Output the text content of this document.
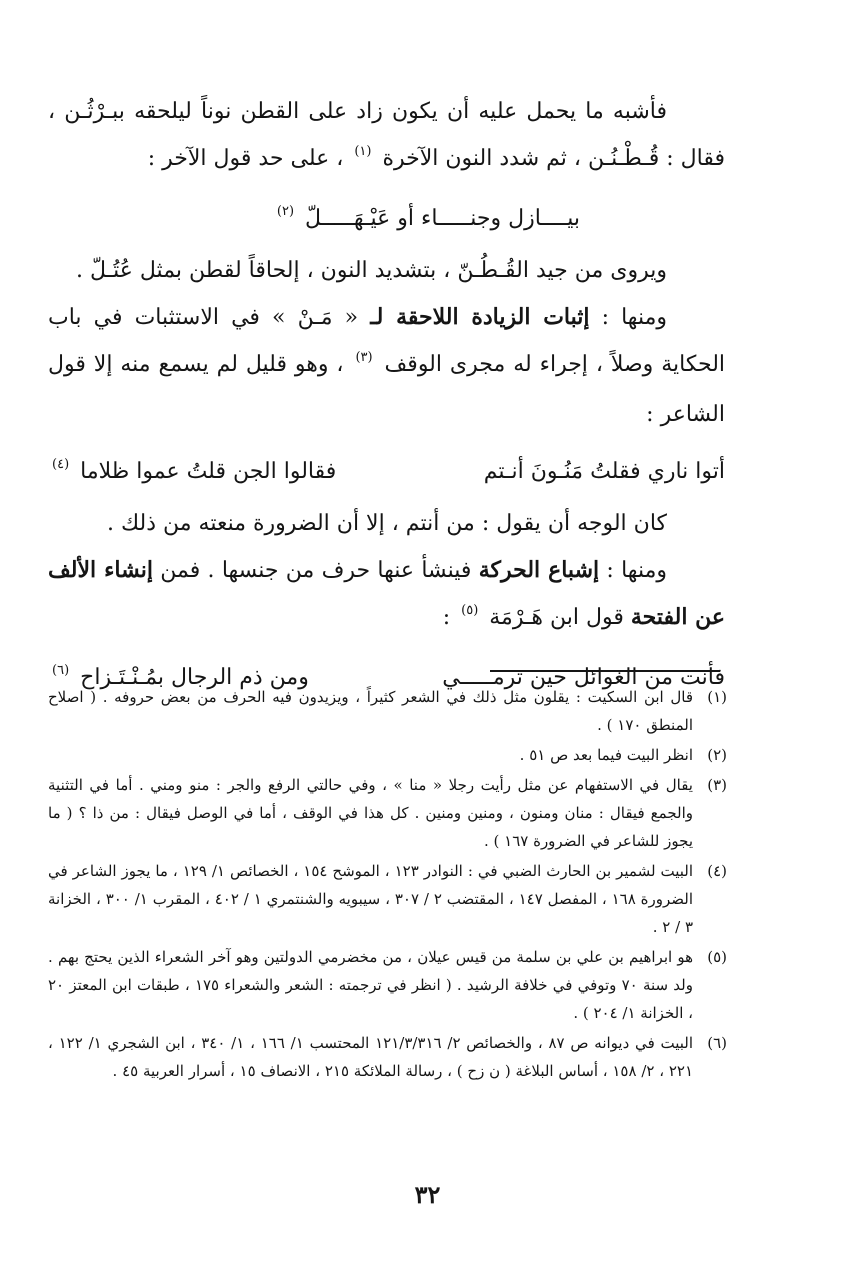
فأشبه ما يحمل عليه أن يكون زاد على القطن نوناً ليلحقه ببـرْثُـن ، فقال : قُـطْـنُـن ، ثم شدد النون الآخرة $^{(١)}$ ، على حد قول الآخر :

بيــــازل وجنـــــاء أو عَيْـهَـــــلّ $^{(٢)}$

ويروى من جيد القُـطُـنّ ، بتشديد النون ، إلحاقاً لقطن بمثل عُتُـلّ .

ومنها : إثبات الزيادة اللاحقة لـ « مَـنْ » في الاستثبات في باب الحكاية وصلاً ، إجراء له مجرى الوقف $^{(٣)}$ ، وهو قليل لم يسمع منه إلا قول الشاعر :

أتوا ناري فقلتُ مَنُـونَ أنـتم
فقالوا الجن قلتُ عموا ظلاما $^{(٤)}$

كان الوجه أن يقول : من أنتم ، إلا أن الضرورة منعته من ذلك .

ومنها : إشباع الحركة فينشأ عنها حرف من جنسها . فمن إنشاء الألف عن الفتحة قول ابن هَـرْمَة $^{(٥)}$ :

فأنت من الغوائل حين ترمـــــي
ومن ذم الرجال بمُـنْـتَـزاح $^{(٦)}$

(١)
قال ابن السكيت : يقلون مثل ذلك في الشعر كثيراً ، ويزيدون فيه الحرف من بعض حروفه . ( اصلاح المنطق ١٧٠ ) .

(٢)
انظر البيت فيما بعد ص ٥١ .

(٣)
يقال في الاستفهام عن مثل رأيت رجلا « منا » ، وفي حالتي الرفع والجر : منو ومني . أما في التثنية والجمع فيقال : منان ومنون ، ومنين ومنين . كل هذا في الوقف ، أما في الوصل فيقال : من ذا ؟ ( ما يجوز للشاعر في الضرورة ١٦٧ ) .

(٤)
البيت لشمير بن الحارث الضبي في : النوادر ١٢٣ ، الموشح ١٥٤ ، الخصائص ١/ ١٢٩ ، ما يجوز الشاعر في الضرورة ١٦٨ ، المفصل ١٤٧ ، المقتضب ٢ / ٣٠٧ ، سيبويه والشنتمري ١ / ٤٠٢ ، المقرب ١/ ٣٠٠ ، الخزانة ٣ / ٢ .

(٥)
هو ابراهيم بن علي بن سلمة من قيس عيلان ، من مخضرمي الدولتين وهو آخر الشعراء الذين يحتج بهم . ولد سنة ٧٠ وتوفي في خلافة الرشيد . ( انظر في ترجمته : الشعر والشعراء ١٧٥ ، طبقات ابن المعتز ٢٠ ، الخزانة ١/ ٢٠٤ ) .

(٦)
البيت في ديوانه ص ٨٧ ، والخصائص ٢/ ١٢١/٣/٣١٦ المحتسب ١/ ١٦٦ ، ١/ ٣٤٠ ، ابن الشجري ١/ ١٢٢ ، ٢٢١ ، ٢/ ١٥٨ ، أساس البلاغة ( ن زح ) ، رسالة الملائكة ٢١٥ ، الانصاف ١٥ ، أسرار العربية ٤٥ .

٣٢
